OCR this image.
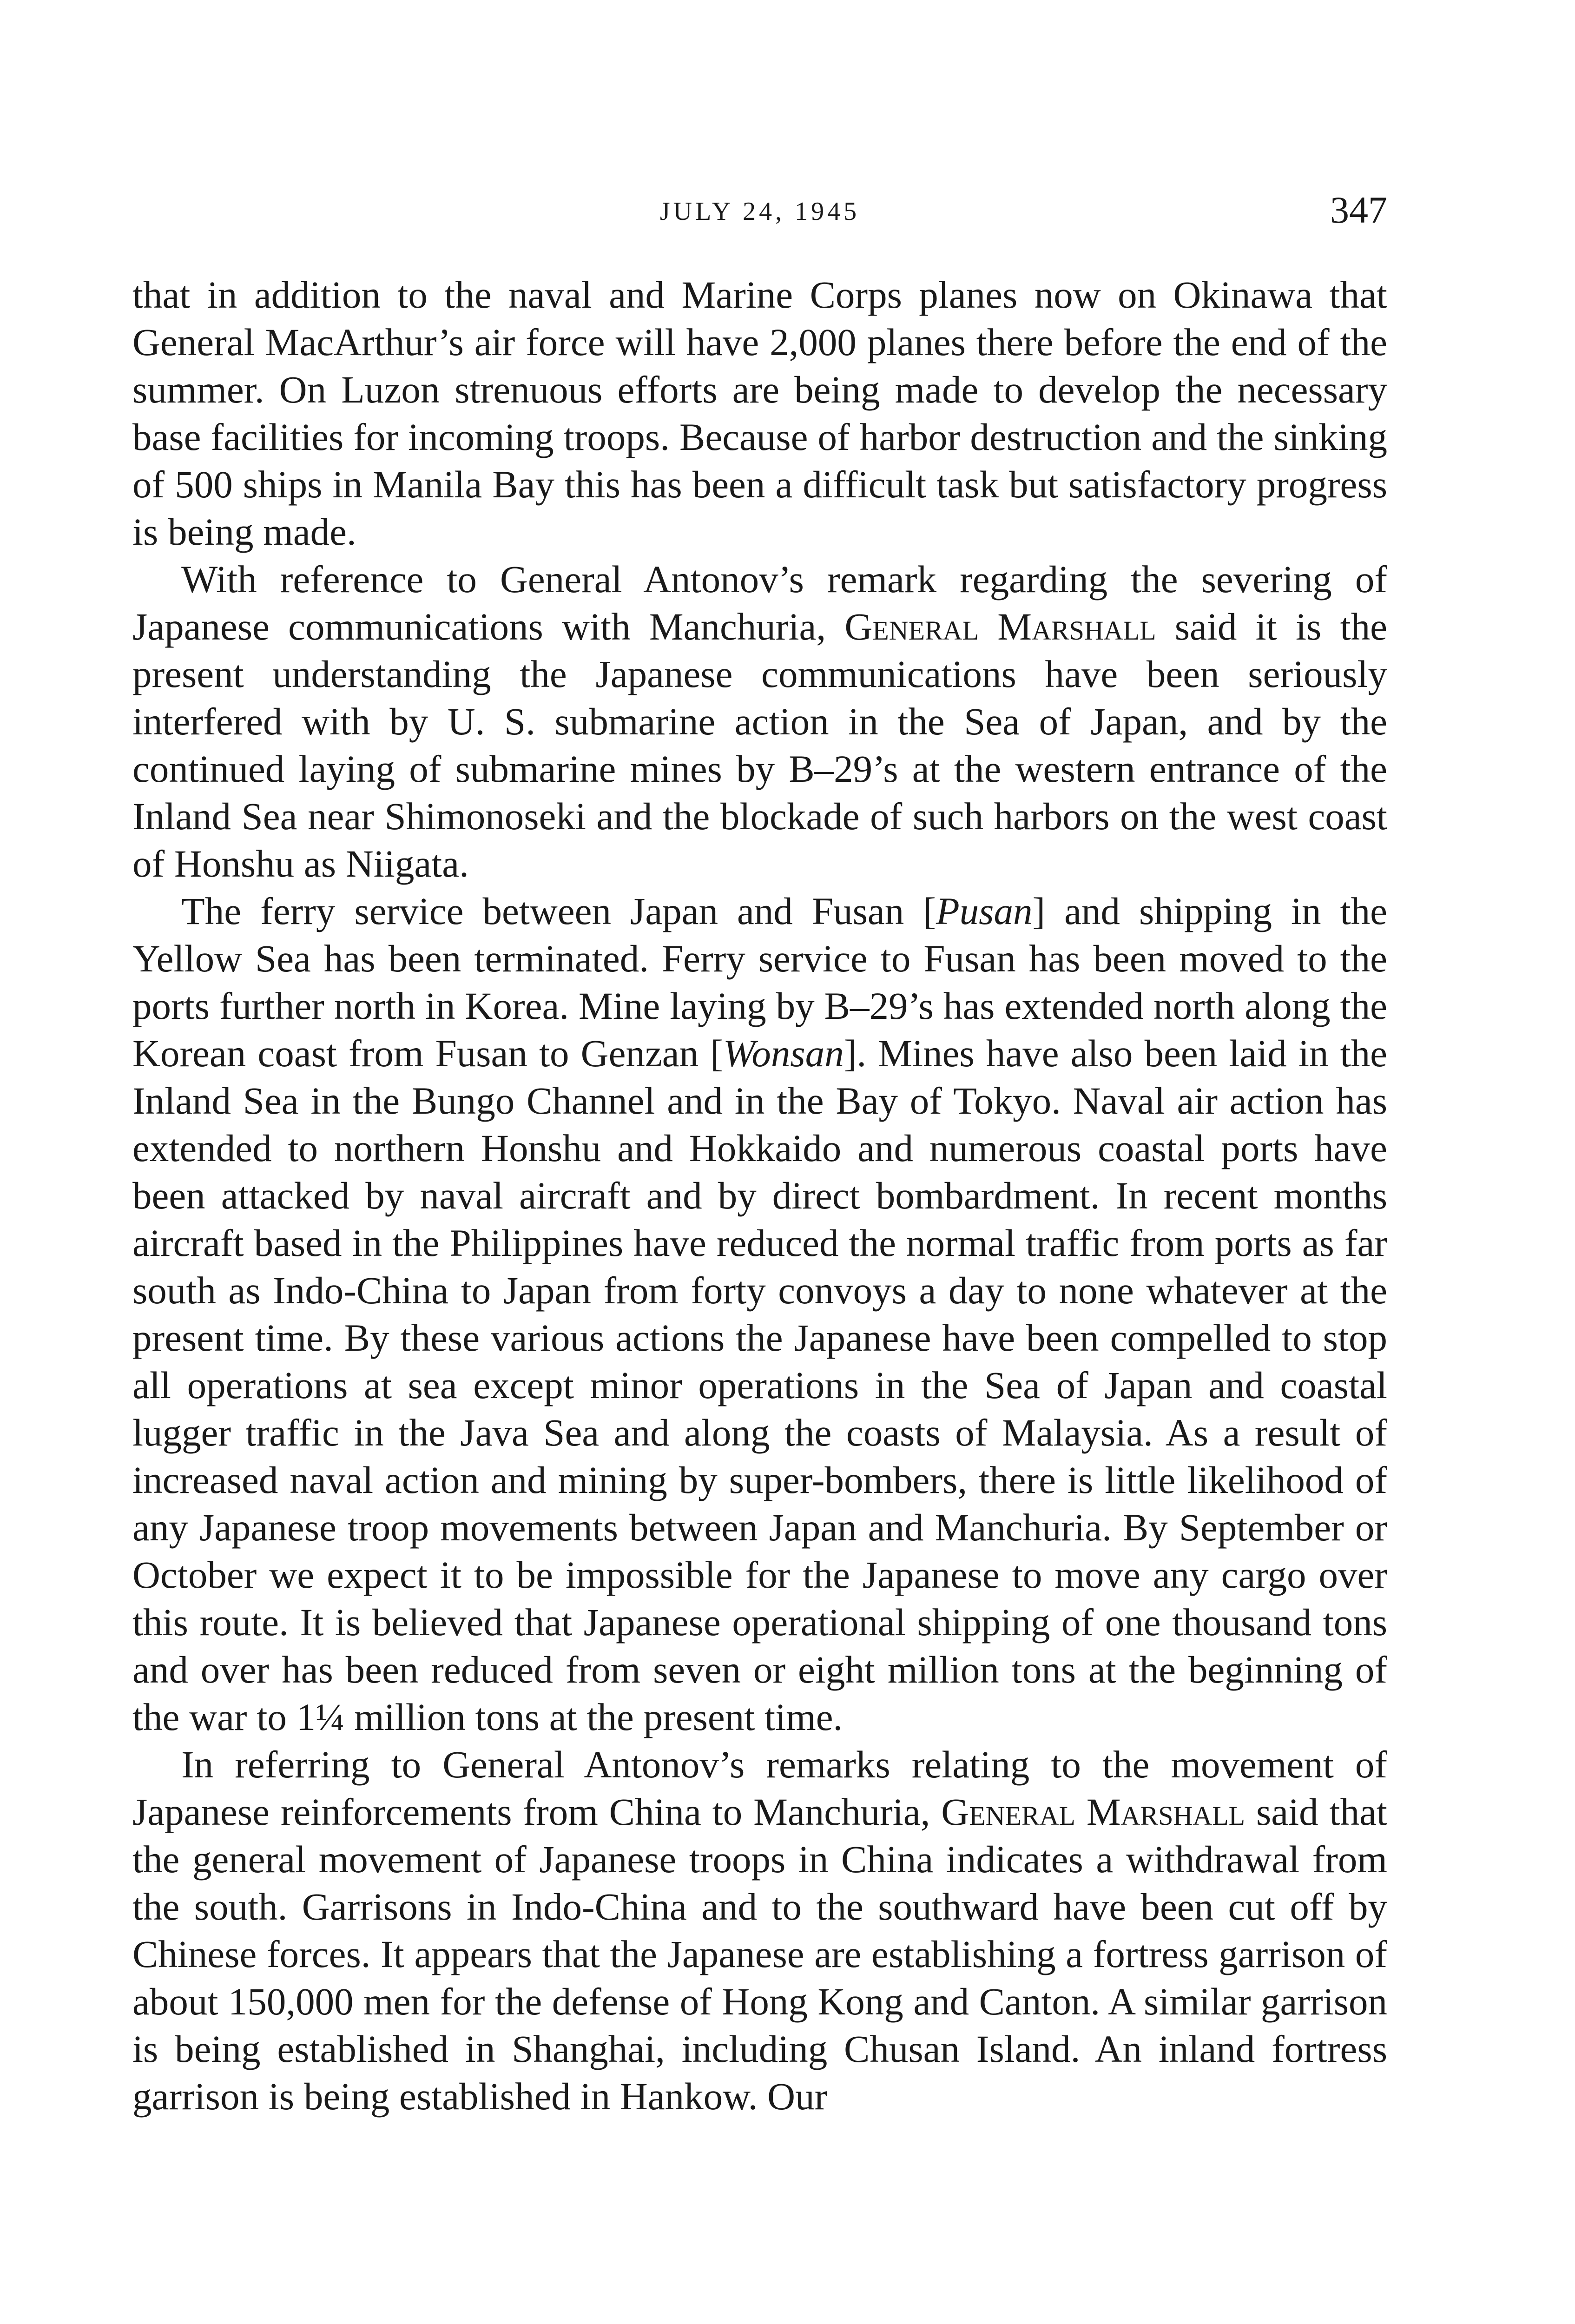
JULY 24, 1945	347

that in addition to the naval and Marine Corps planes now on Okinawa that General MacArthur’s air force will have 2,000 planes there before the end of the summer. On Luzon strenuous efforts are being made to develop the necessary base facilities for incoming troops. Because of harbor destruction and the sinking of 500 ships in Manila Bay this has been a difficult task but satisfactory progress is being made.

With reference to General Antonov’s remark regarding the severing of Japanese communications with Manchuria, General Marshall said it is the present understanding the Japanese communications have been seriously interfered with by U. S. submarine action in the Sea of Japan, and by the continued laying of submarine mines by B–29’s at the western entrance of the Inland Sea near Shimonoseki and the blockade of such harbors on the west coast of Honshu as Niigata.

The ferry service between Japan and Fusan [Pusan] and shipping in the Yellow Sea has been terminated. Ferry service to Fusan has been moved to the ports further north in Korea. Mine laying by B–29’s has extended north along the Korean coast from Fusan to Genzan [Wonsan]. Mines have also been laid in the Inland Sea in the Bungo Channel and in the Bay of Tokyo. Naval air action has extended to northern Honshu and Hokkaido and numerous coastal ports have been attacked by naval aircraft and by direct bombardment. In recent months aircraft based in the Philippines have reduced the normal traffic from ports as far south as Indo-China to Japan from forty convoys a day to none whatever at the present time. By these various actions the Japanese have been compelled to stop all operations at sea except minor operations in the Sea of Japan and coastal lugger traffic in the Java Sea and along the coasts of Malaysia. As a result of increased naval action and mining by super-bombers, there is little likelihood of any Japanese troop movements between Japan and Manchuria. By September or October we expect it to be impossible for the Japanese to move any cargo over this route. It is believed that Japanese operational shipping of one thousand tons and over has been reduced from seven or eight million tons at the beginning of the war to 1¼ million tons at the present time.

In referring to General Antonov’s remarks relating to the movement of Japanese reinforcements from China to Manchuria, General Marshall said that the general movement of Japanese troops in China indicates a withdrawal from the south. Garrisons in Indo-China and to the southward have been cut off by Chinese forces. It appears that the Japanese are establishing a fortress garrison of about 150,000 men for the defense of Hong Kong and Canton. A similar garrison is being established in Shanghai, including Chusan Island. An inland fortress garrison is being established in Hankow. Our
